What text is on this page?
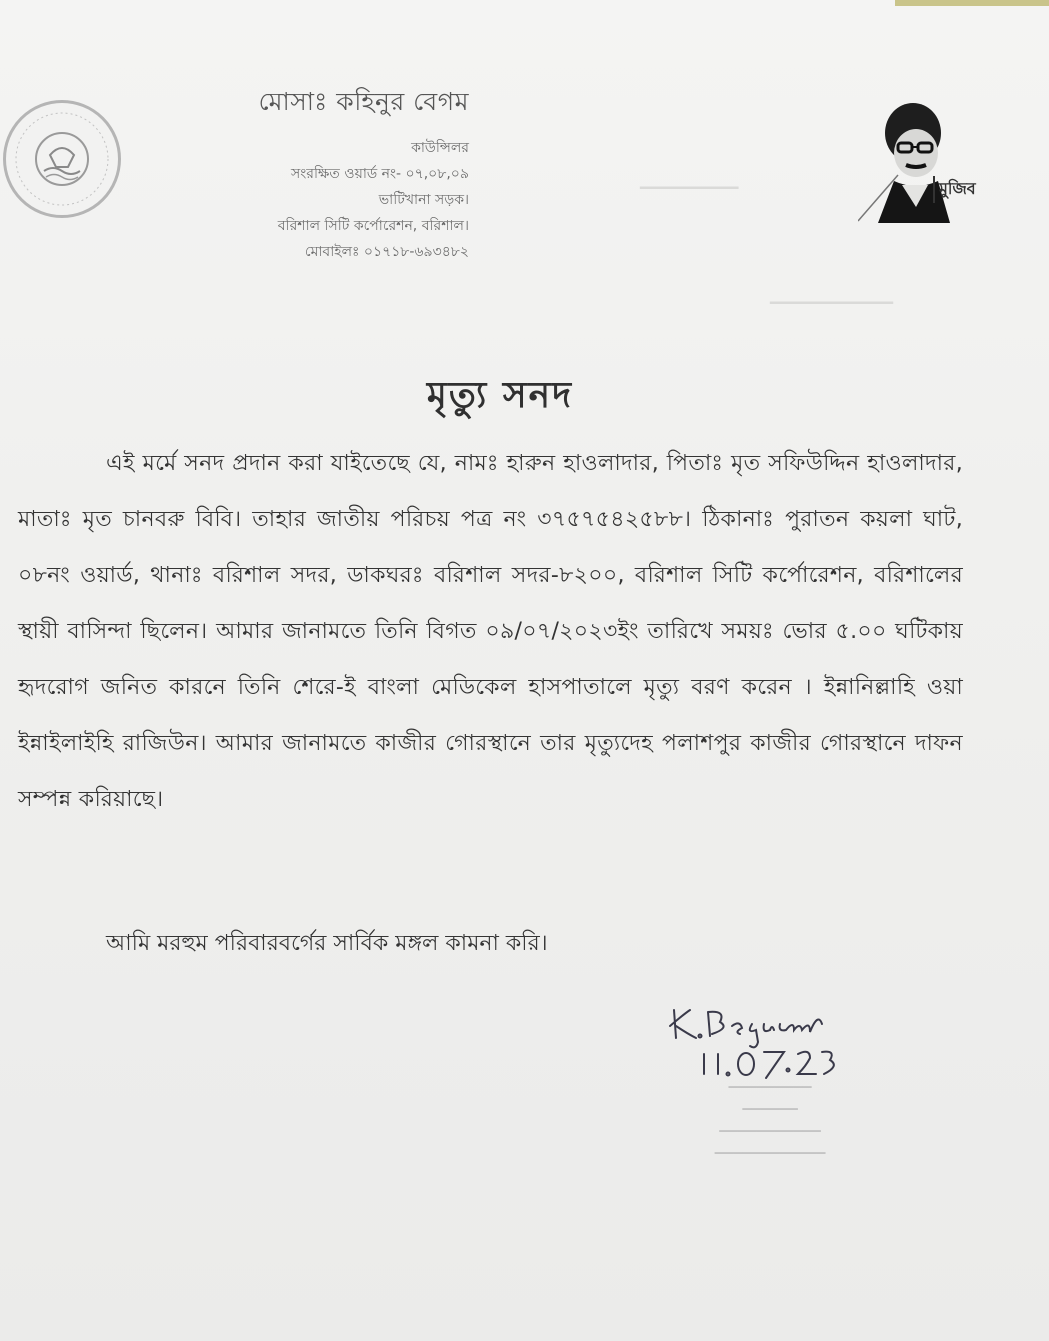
মোসাঃ কহিনুর বেগম
কাউন্সিলর
সংরক্ষিত ওয়ার্ড নং- ০৭,০৮,০৯
ভাটিখানা সড়ক।
বরিশাল সিটি কর্পোরেশন, বরিশাল।
মোবাইলঃ ০১৭১৮-৬৯৩৪৮২
মুজিব
▁▁▁▁▁▁▁▁
▁▁▁▁▁▁▁▁▁▁
মৃত্যু সনদ
এই মর্মে সনদ প্রদান করা যাইতেছে যে, নামঃ হারুন হাওলাদার, পিতাঃ মৃত সফিউদ্দিন হাওলাদার, মাতাঃ মৃত চানবরু বিবি। তাহার জাতীয় পরিচয় পত্র নং ৩৭৫৭৫৪২৫৮৮। ঠিকানাঃ পুরাতন কয়লা ঘাট, ০৮নং ওয়ার্ড, থানাঃ বরিশাল সদর, ডাকঘরঃ বরিশাল সদর-৮২০০, বরিশাল সিটি কর্পোরেশন, বরিশালের স্থায়ী বাসিন্দা ছিলেন। আমার জানামতে তিনি বিগত ০৯/০৭/২০২৩ইং তারিখে সময়ঃ ভোর ৫.০০ ঘটিকায় হৃদরোগ জনিত কারনে তিনি শেরে-ই বাংলা মেডিকেল হাসপাতালে মৃত্যু বরণ করেন । ইন্নানিল্লাহি ওয়া ইন্নাইলাইহি রাজিউন। আমার জানামতে কাজীর গোরস্থানে তার মৃত্যুদেহ পলাশপুর কাজীর গোরস্থানে দাফন সম্পন্ন করিয়াছে।
আমি মরহুম পরিবারবর্গের সার্বিক মঙ্গল কামনা করি।
▁▁▁▁▁▁▁▁▁
▁▁▁▁▁▁
▁▁▁▁▁▁▁▁▁▁▁
▁▁▁▁▁▁▁▁▁▁▁▁
